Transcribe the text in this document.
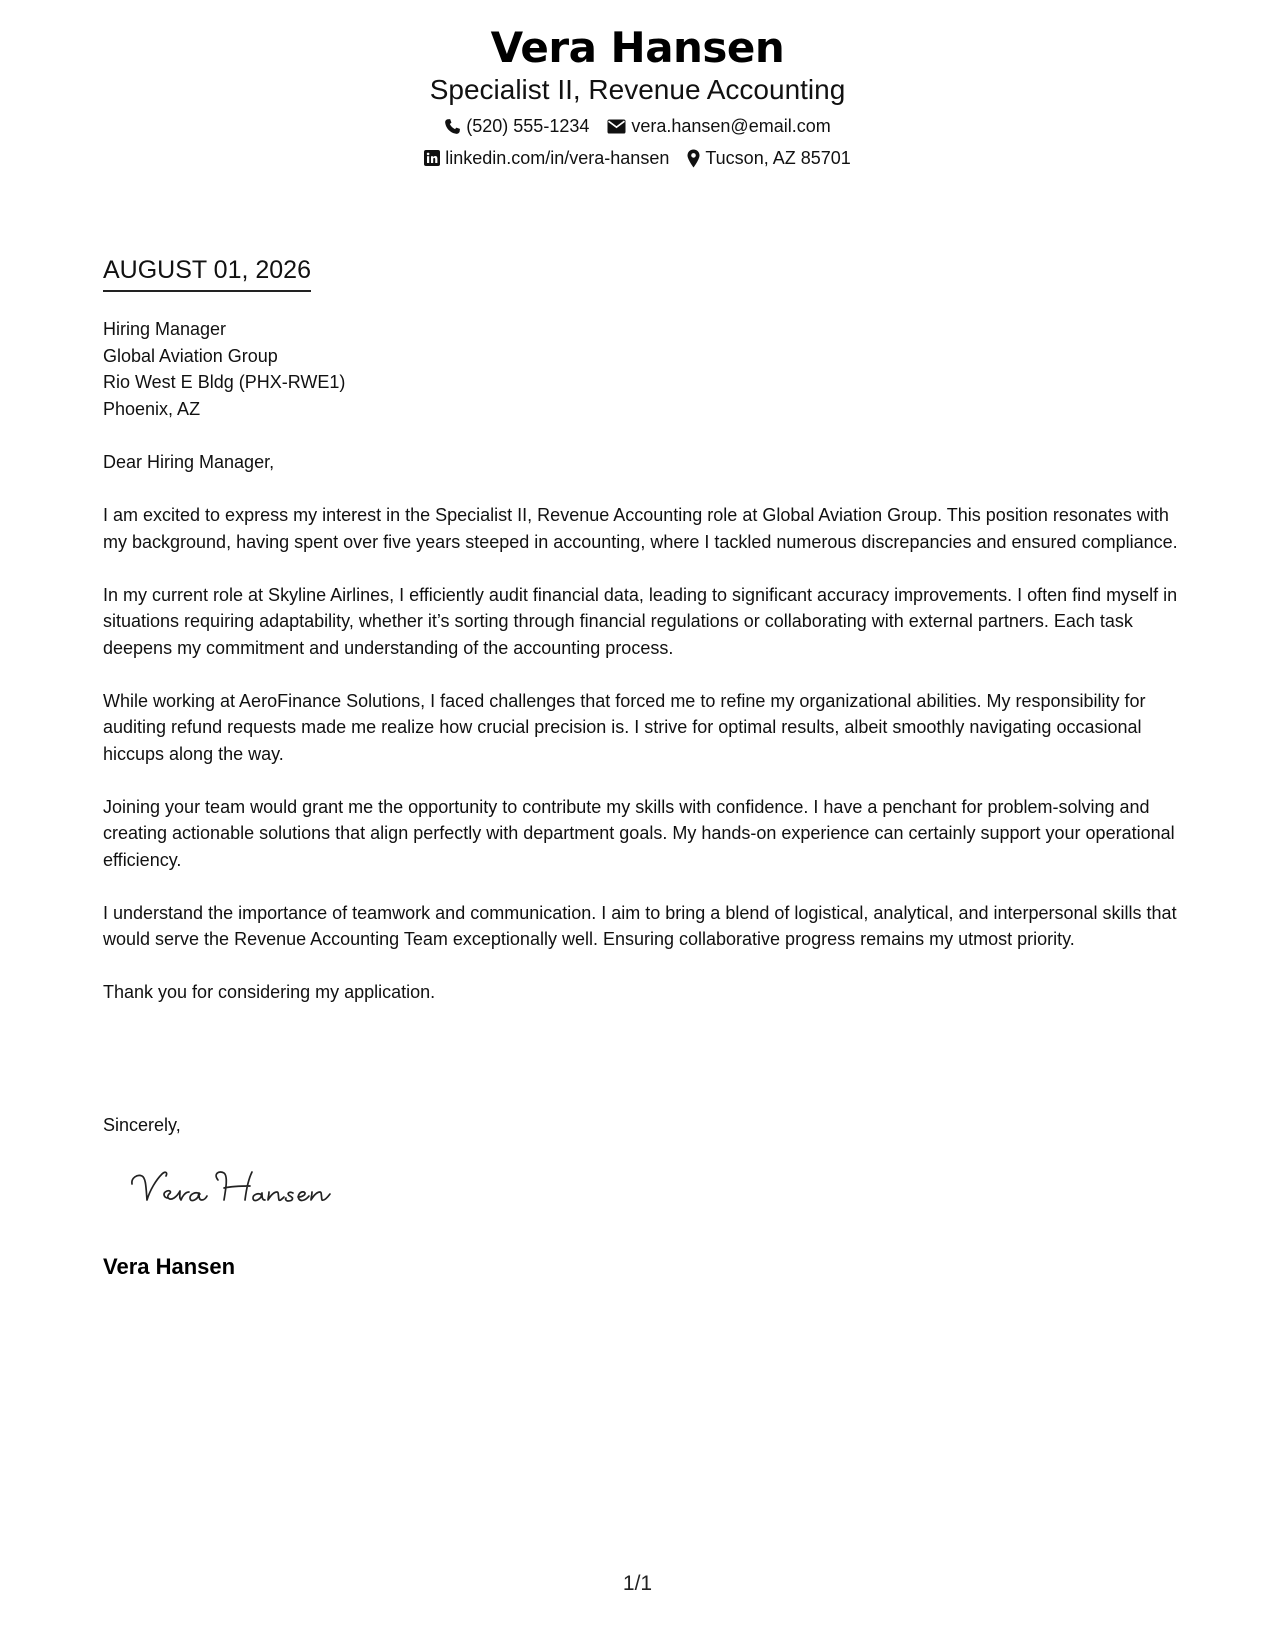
Vera Hansen
Specialist II, Revenue Accounting
(520) 555-1234 vera.hansen@email.com
linkedin.com/in/vera-hansen Tucson, AZ 85701
AUGUST 01, 2026
Hiring Manager
Global Aviation Group
Rio West E Bldg (PHX-RWE1)
Phoenix, AZ

Dear Hiring Manager,

I am excited to express my interest in the Specialist II, Revenue Accounting role at Global Aviation Group. This position resonates with my background, having spent over five years steeped in accounting, where I tackled numerous discrepancies and ensured compliance.

In my current role at Skyline Airlines, I efficiently audit financial data, leading to significant accuracy improvements. I often find myself in situations requiring adaptability, whether it’s sorting through financial regulations or collaborating with external partners. Each task deepens my commitment and understanding of the accounting process.

While working at AeroFinance Solutions, I faced challenges that forced me to refine my organizational abilities. My responsibility for auditing refund requests made me realize how crucial precision is. I strive for optimal results, albeit smoothly navigating occasional hiccups along the way.

Joining your team would grant me the opportunity to contribute my skills with confidence. I have a penchant for problem-solving and creating actionable solutions that align perfectly with department goals. My hands-on experience can certainly support your operational efficiency.

I understand the importance of teamwork and communication. I aim to bring a blend of logistical, analytical, and interpersonal skills that would serve the Revenue Accounting Team exceptionally well. Ensuring collaborative progress remains my utmost priority.

Thank you for considering my application.

Sincerely,
Vera Hansen
1/1
